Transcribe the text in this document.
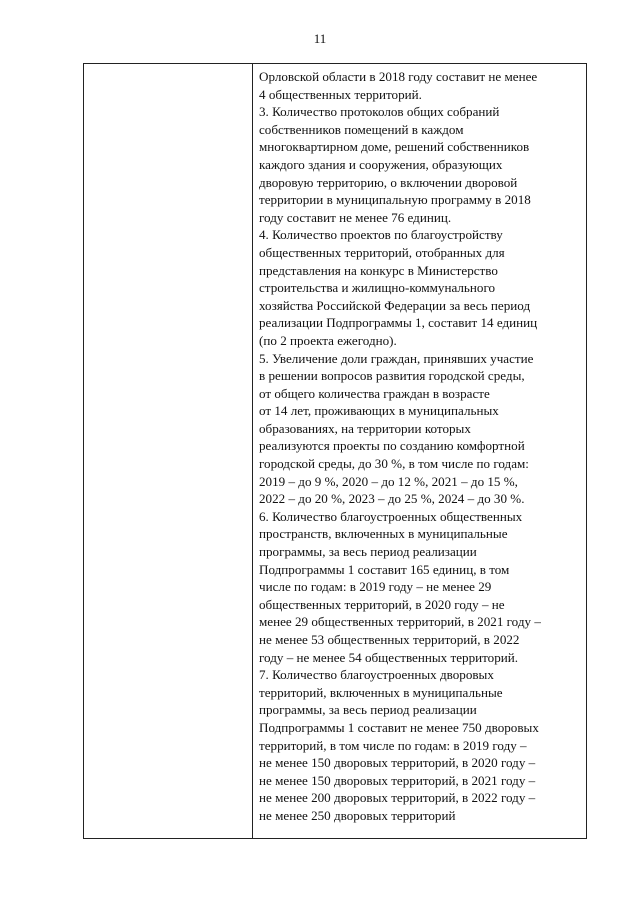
11
Орловской области в 2018 году составит не менее
4 общественных территорий.
3. Количество протоколов общих собраний
собственников помещений в каждом
многоквартирном доме, решений собственников
каждого здания и сооружения, образующих
дворовую территорию, о включении дворовой
территории в муниципальную программу в 2018
году составит не менее 76 единиц.
4. Количество проектов по благоустройству
общественных территорий, отобранных для
представления на конкурс в Министерство
строительства и жилищно-коммунального
хозяйства Российской Федерации за весь период
реализации Подпрограммы 1, составит 14 единиц
(по 2 проекта ежегодно).
5. Увеличение доли граждан, принявших участие
в решении вопросов развития городской среды,
от общего количества граждан в возрасте
от 14 лет, проживающих в муниципальных
образованиях, на территории которых
реализуются проекты по созданию комфортной
городской среды, до 30 %, в том числе по годам:
2019 – до 9 %, 2020 – до 12 %, 2021 – до 15 %,
2022 – до 20 %, 2023 – до 25 %, 2024 – до 30 %.
6. Количество благоустроенных общественных
пространств, включенных в муниципальные
программы, за весь период реализации
Подпрограммы 1 составит 165 единиц, в том
числе по годам: в 2019 году – не менее 29
общественных территорий, в 2020 году – не
менее 29 общественных территорий, в 2021 году –
не менее 53 общественных территорий, в 2022
году – не менее 54 общественных территорий.
7. Количество благоустроенных дворовых
территорий, включенных в муниципальные
программы, за весь период реализации
Подпрограммы 1 составит не менее 750 дворовых
территорий, в том числе по годам: в 2019 году –
не менее 150 дворовых территорий, в 2020 году –
не менее 150 дворовых территорий, в 2021 году –
не менее 200 дворовых территорий, в 2022 году –
не менее 250 дворовых территорий
